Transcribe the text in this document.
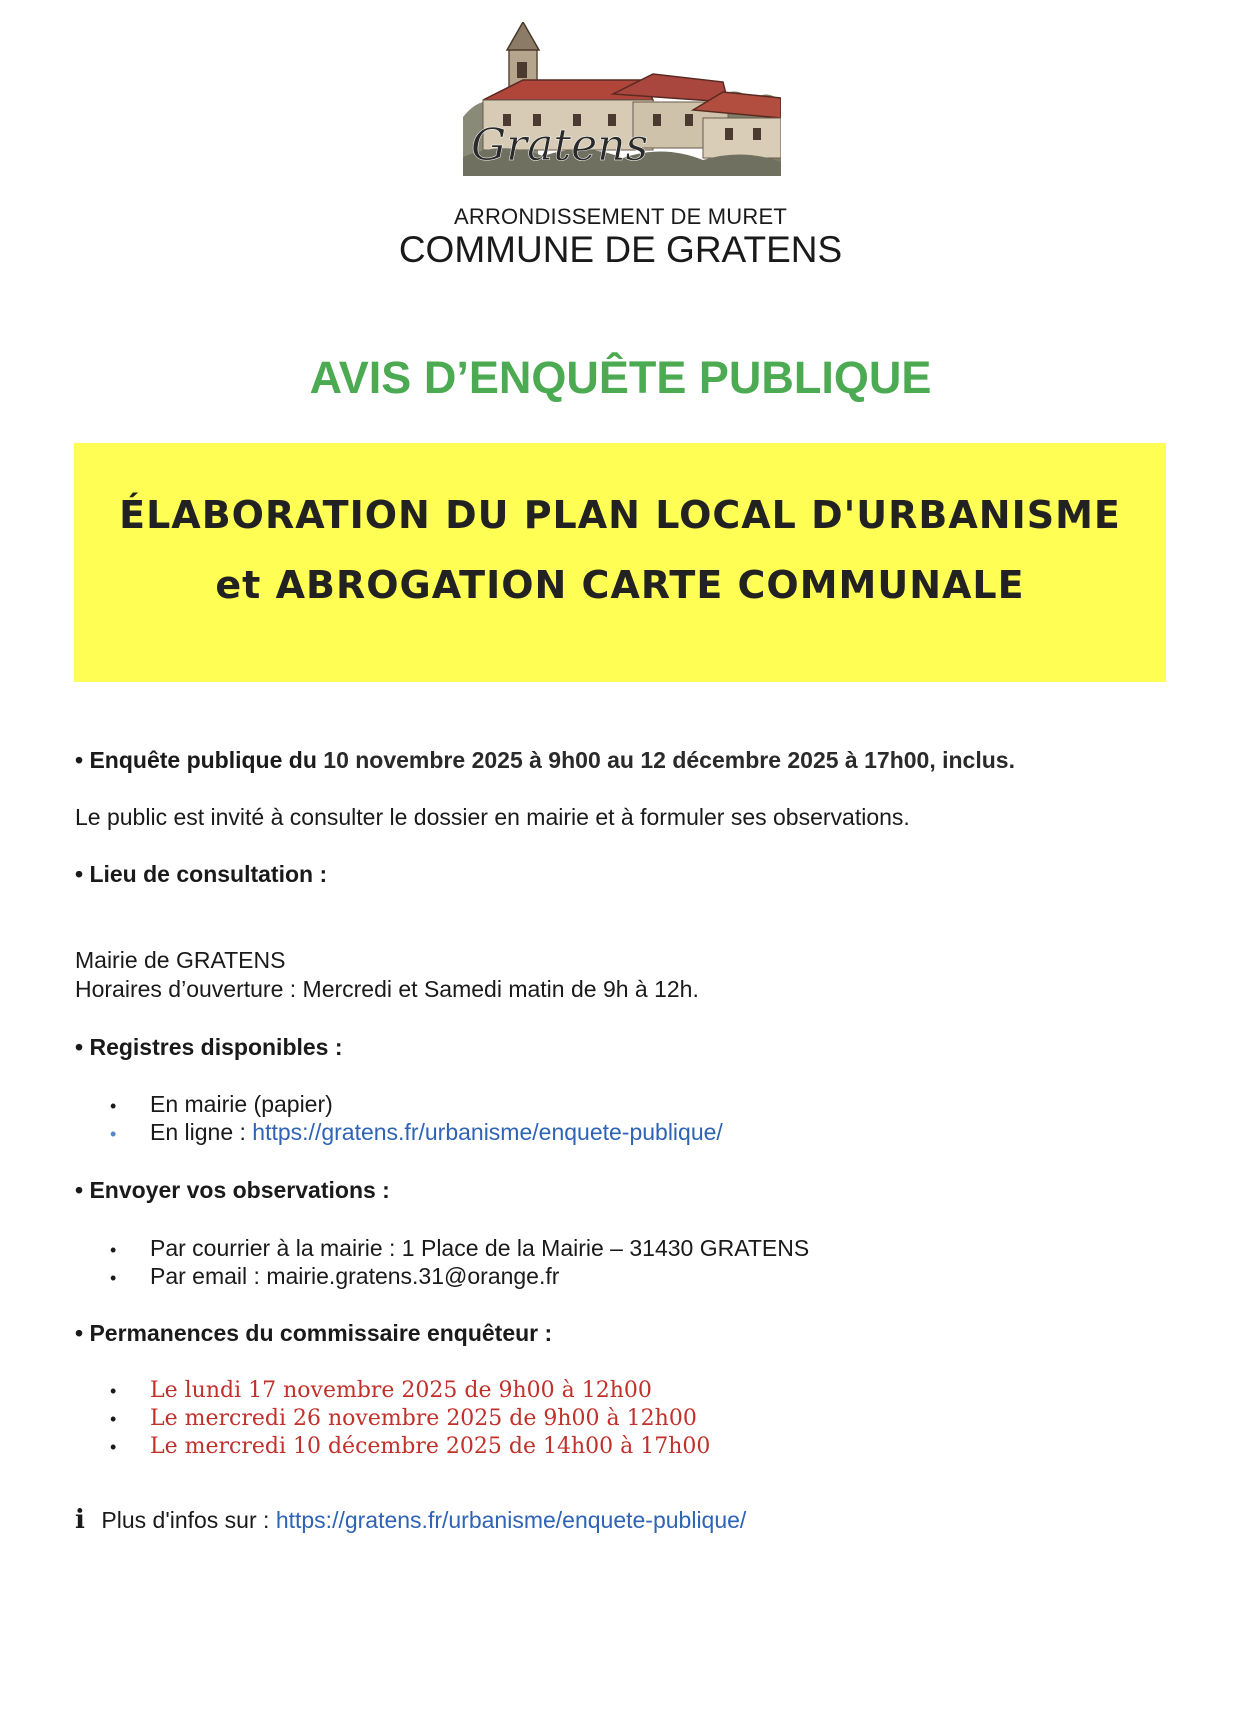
Gratens
ARRONDISSEMENT DE MURET
COMMUNE DE GRATENS
AVIS D’ENQUÊTE PUBLIQUE
ÉLABORATION DU PLAN LOCAL D'URBANISME
et ABROGATION CARTE COMMUNALE
• Enquête publique du 10 novembre 2025 à 9h00 au 12 décembre 2025 à 17h00, inclus.
Le public est invité à consulter le dossier en mairie et à formuler ses observations.
• Lieu de consultation :
Mairie de GRATENS
Horaires d’ouverture : Mercredi et Samedi matin de 9h à 12h.
• Registres disponibles :
• En mairie (papier)
• En ligne : https://gratens.fr/urbanisme/enquete-publique/
• Envoyer vos observations :
• Par courrier à la mairie : 1 Place de la Mairie – 31430 GRATENS
• Par email : mairie.gratens.31@orange.fr
• Permanences du commissaire enquêteur :
• Le lundi 17 novembre 2025 de 9h00 à 12h00
• Le mercredi 26 novembre 2025 de 9h00 à 12h00
• Le mercredi 10 décembre 2025 de 14h00 à 17h00
i Plus d'infos sur : https://gratens.fr/urbanisme/enquete-publique/
